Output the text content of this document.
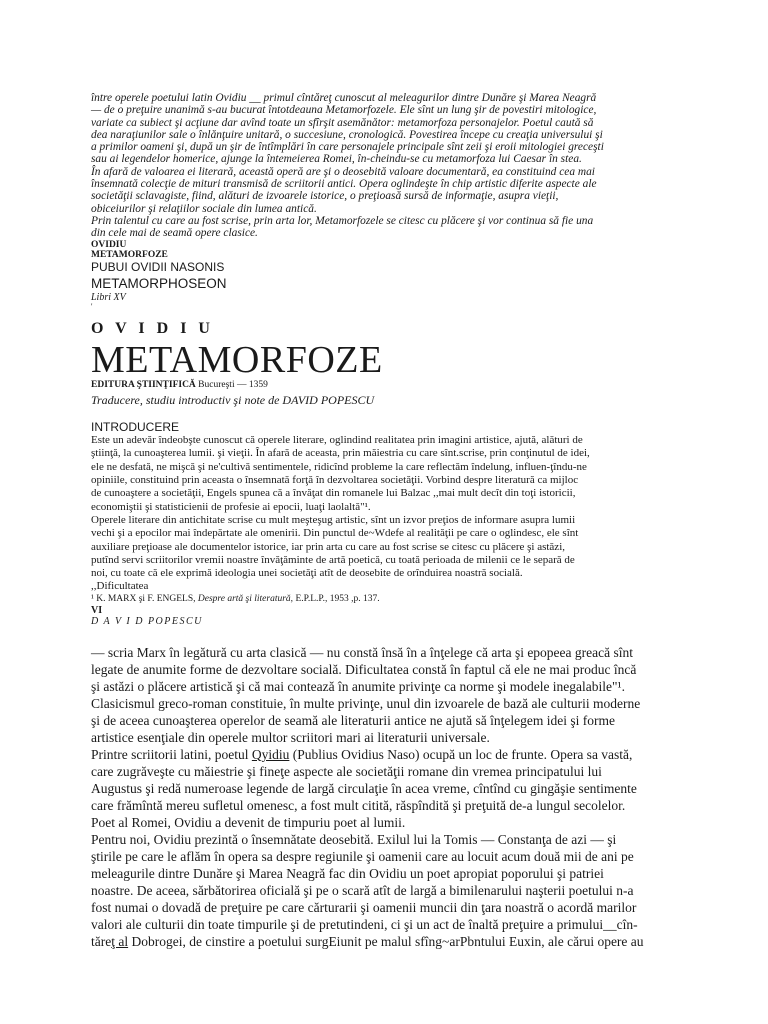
între operele poetului latin Ovidiu __ primul cîntăreţ cunoscut al meleagurilor dintre Dunăre şi Marea Neagră
— de o preţuire unanimă s-au bucurat întotdeauna Metamorfozele. Ele sînt un lung şir de povestiri mitologice,
variate ca subiect şi acţiune dar avînd toate un sfîrşit asemănător: metamorfoza personajelor. Poetul caută să
dea naraţiunilor sale o înlănţuire unitară, o succesiune, cronologică. Povestirea începe cu creaţia universului şi
a primilor oameni şi, după un şir de întîmplări în care personajele principale sînt zeii şi eroii mitologiei greceşti
sau ai legendelor homerice, ajunge la întemeierea Romei, în-cheindu-se cu metamorfoza lui Caesar în stea.
În afară de valoarea ei literară, această operă are şi o deosebită valoare documentară, ea constituind cea mai
însemnată colecţie de mituri transmisă de scriitorii antici. Opera oglindeşte în chip artistic diferite aspecte ale
societăţii sclavagiste, fiind, alături de izvoarele istorice, o preţioasă sursă de informaţie, asupra vieţii,
obiceiurilor şi relaţiilor sociale din lumea antică.
Prin talentul cu care au fost scrise, prin arta lor, Metamorfozele se citesc cu plăcere şi vor continua să fie una
din cele mai de seamă opere clasice.
OVIDIU
METAMORFOZE
PUBUI OVIDII NASONIS
METAMORPHOSEON
Libri XV
'
O V I D I U
METAMORFOZE
EDITURA ŞTIINŢIFICĂ Bucureşti — 1359
Traducere, studiu introductiv şi note de DAVID POPESCU
INTRODUCERE
Este un adevăr îndeobşte cunoscut că operele literare, oglindind realitatea prin imagini artistice, ajută, alături de
ştiinţă, la cunoaşterea lumii. şi vieţii. În afară de aceasta, prin măiestria cu care sînt.scrise, prin conţinutul de idei,
ele ne desfată, ne mişcă şi ne'cultivă sentimentele, ridicînd probleme la care reflectăm îndelung, influen-ţîndu-ne
opiniile, constituind prin aceasta o însemnată forţă în dezvoltarea societăţii. Vorbind despre literatură ca mijloc
de cunoaştere a societăţii, Engels spunea că a învăţat din romanele lui Balzac ,,mai mult decît din toţi istoricii,
economiştii şi statisticienii de profesie ai epocii, luaţi laolaltă"¹.
Operele literare din antichitate scrise cu mult meşteşug artistic, sînt un izvor preţios de informare asupra lumii
vechi şi a epocilor mai îndepărtate ale omenirii. Din punctul de~Wdefe al realităţii pe care o oglindesc, ele sînt
auxiliare preţioase ale documentelor istorice, iar prin arta cu care au fost scrise se citesc cu plăcere şi astăzi,
putînd servi scriitorilor vremii noastre învăţăminte de artă poetică, cu toată perioada de milenii ce le separă de
noi, cu toate că ele exprimă ideologia unei societăţi atît de deosebite de orînduirea noastră socială.
,,Dificultatea
¹ K. MARX şi F. ENGELS, Despre artă şi literatură, E.P.L.P., 1953 ,p. 137.
VI
D A V I D POPESCU
— scria Marx în legătură cu arta clasică — nu constă însă în a înţelege că arta şi epopeea greacă sînt
legate de anumite forme de dezvoltare socială. Dificultatea constă în faptul că ele ne mai produc încă
şi astăzi o plăcere artistică şi că mai contează în anumite privinţe ca norme şi modele inegalabile"¹.
Clasicismul greco-roman constituie, în multe privinţe, unul din izvoarele de bază ale culturii moderne
şi de aceea cunoaşterea operelor de seamă ale literaturii antice ne ajută să înţelegem idei şi forme
artistice esenţiale din operele multor scriitori mari ai literaturii universale.
Printre scriitorii latini, poetul Qyidiu (Publius Ovidius Naso) ocupă un loc de frunte. Opera sa vastă,
care zugrăveşte cu măiestrie şi fineţe aspecte ale societăţii romane din vremea principatului lui
Augustus şi redă numeroase legende de largă circulaţie în acea vreme, cîntînd cu gingăşie sentimente
care frămîntă mereu sufletul omenesc, a fost mult citită, răspîndită şi preţuită de-a lungul secolelor.
Poet al Romei, Ovidiu a devenit de timpuriu poet al lumii.
Pentru noi, Ovidiu prezintă o însemnătate deosebită. Exilul lui la Tomis — Constanţa de azi — şi
ştirile pe care le aflăm în opera sa despre regiunile şi oamenii care au locuit acum două mii de ani pe
meleagurile dintre Dunăre şi Marea Neagră fac din Ovidiu un poet apropiat poporului şi patriei
noastre. De aceea, sărbătorirea oficială şi pe o scară atît de largă a bimilenarului naşterii poetului n-a
fost numai o dovadă de preţuire pe care cărturarii şi oamenii muncii din ţara noastră o acordă marilor
valori ale culturii din toate timpurile şi de pretutindeni, ci şi un act de înaltă preţuire a primului__cîn-
tăreţ al Dobrogei, de cinstire a poetului surgEiunit pe malul sfîng~arPbntului Euxin, ale cărui opere au
